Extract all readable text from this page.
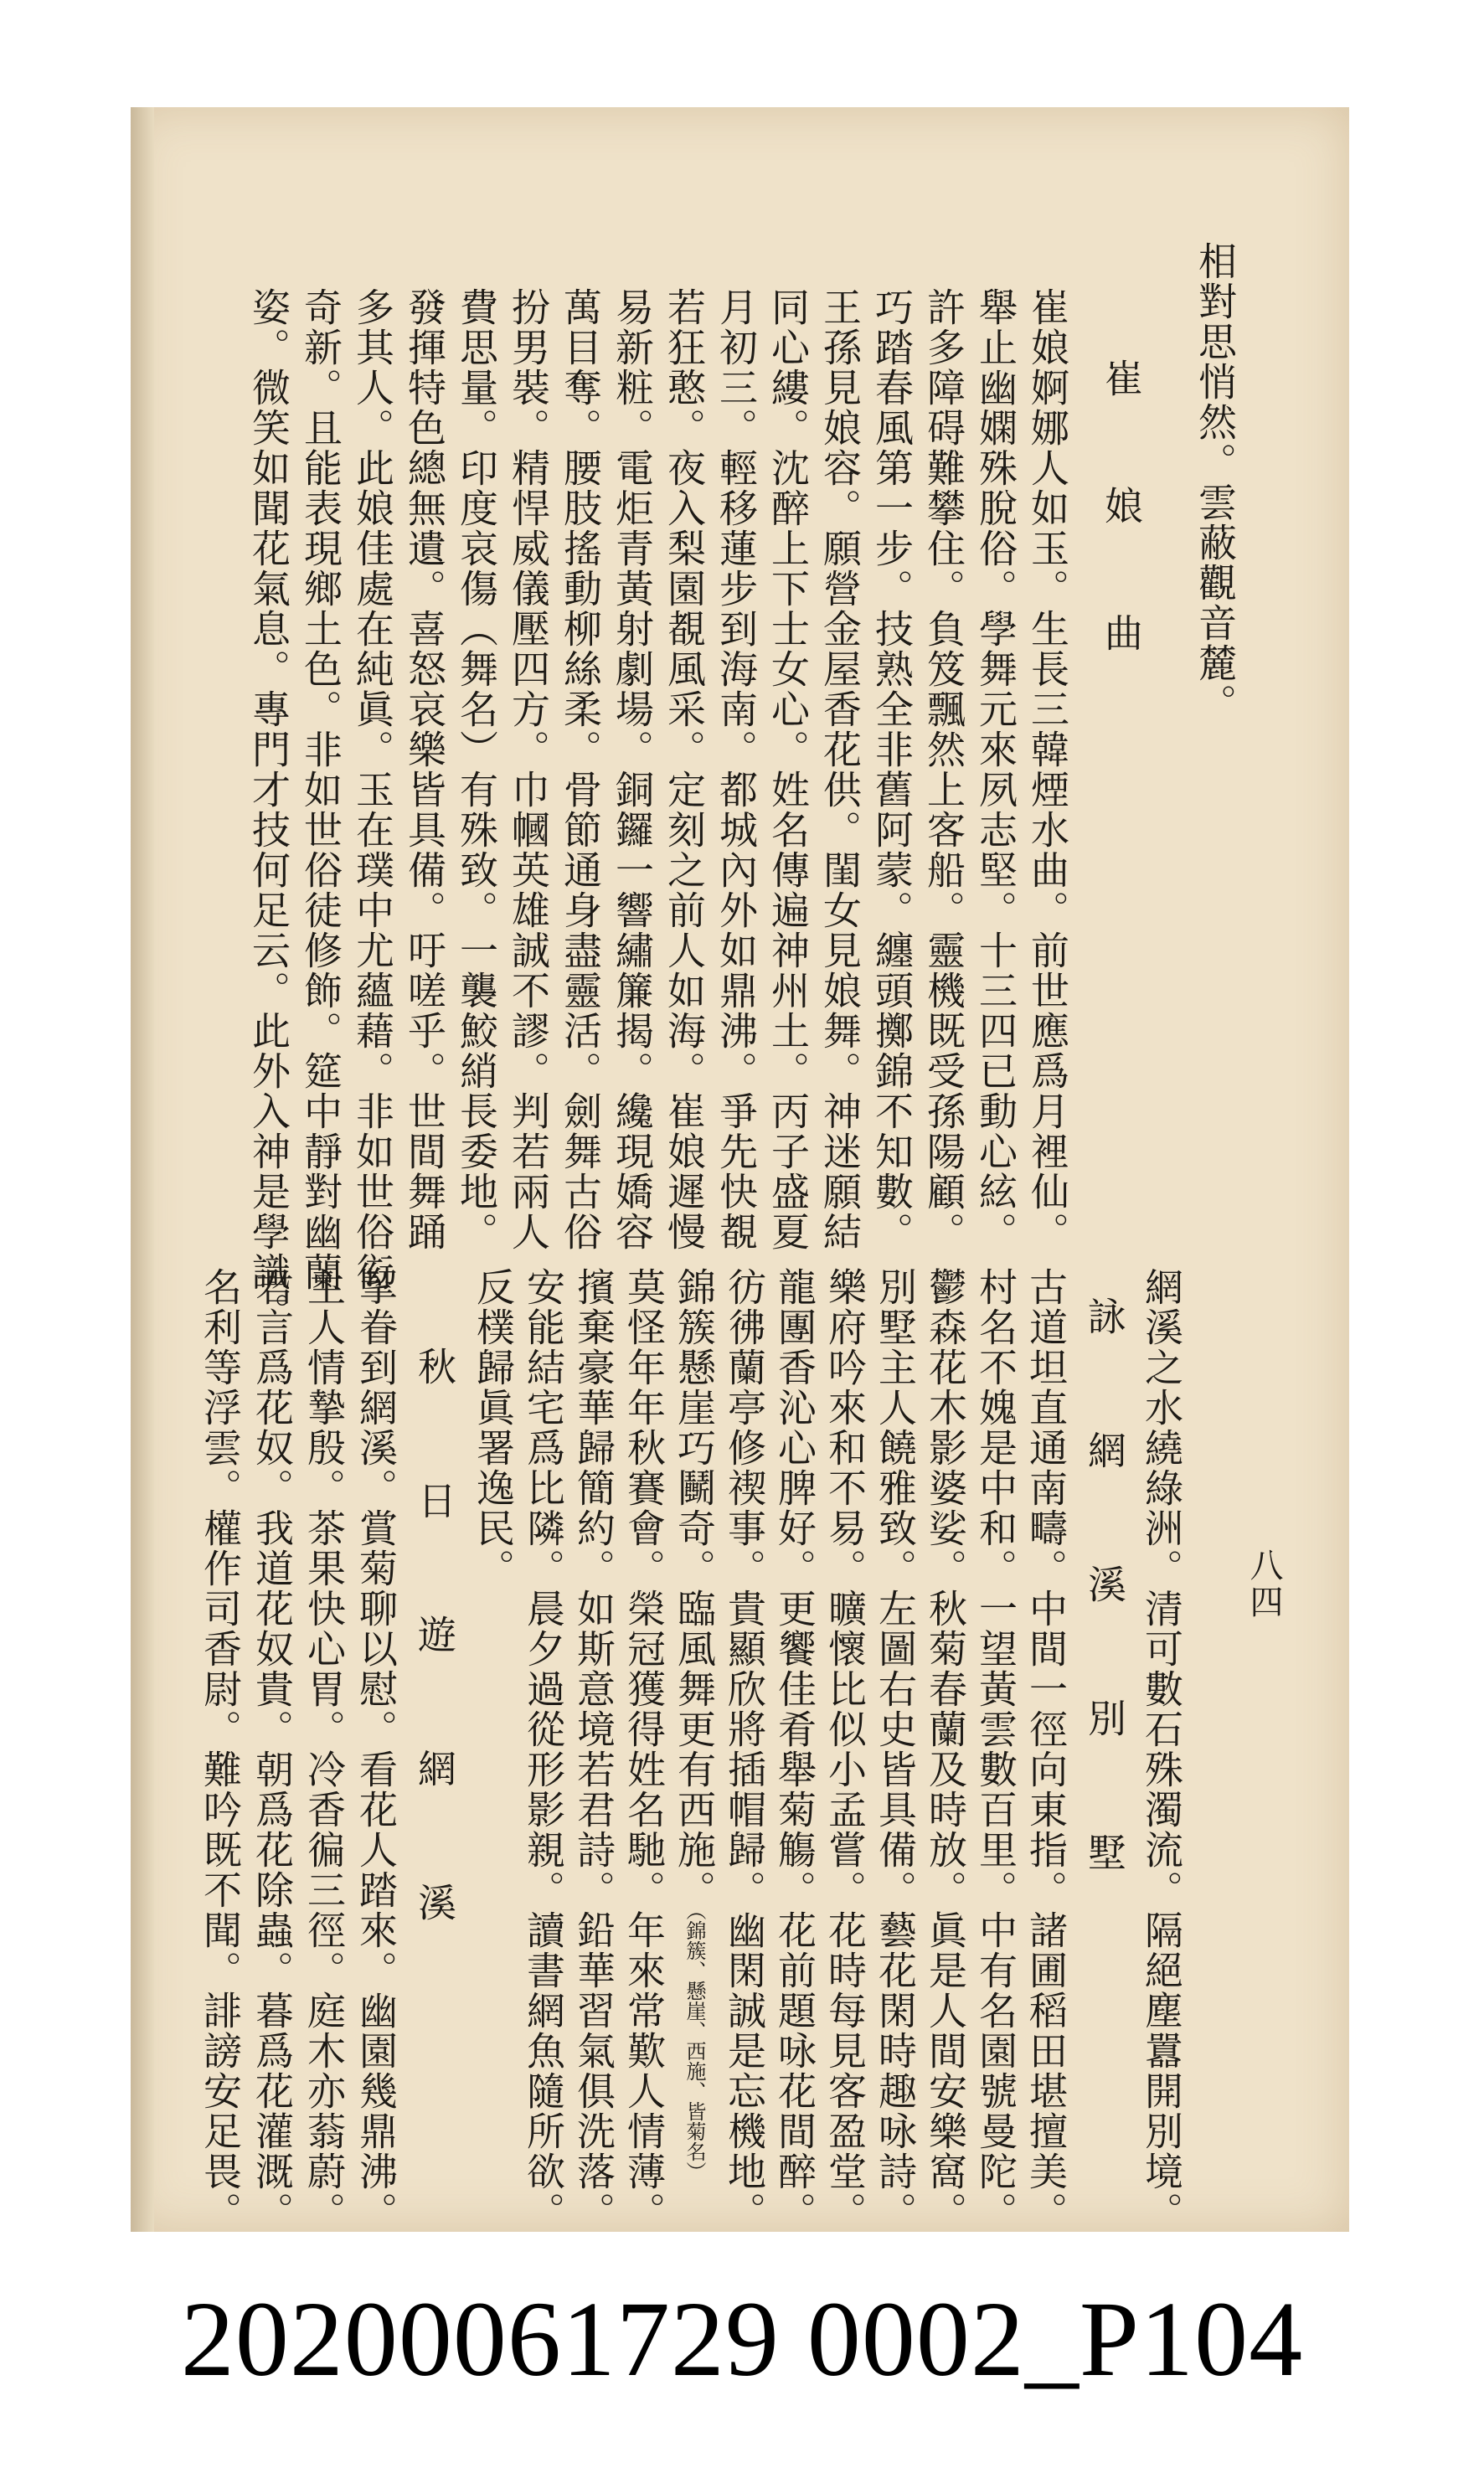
八四
相對思悄然。雲蔽觀音麓。
崔　娘　曲
崔娘婀娜人如玉。生長三韓煙水曲。前世應爲月裡仙。
舉止幽嫻殊脫俗。學舞元來夙志堅。十三四已動心絃。
許多障碍難攀住。負笈飄然上客船。靈機既受孫陽顧。
巧踏春風第一步。技熟全非舊阿蒙。纏頭擲錦不知數。
王孫見娘容。願營金屋香花供。閨女見娘舞。神迷願結
同心縷。沈醉上下士女心。姓名傳遍神州土。丙子盛夏
月初三。輕移蓮步到海南。都城內外如鼎沸。爭先快覩
若狂憨。夜入梨園覩風采。定刻之前人如海。崔娘遲慢
易新粧。電炬青黃射劇場。銅鑼一響繡簾揭。纔現嬌容
萬目奪。腰肢搖動柳絲柔。骨節通身盡靈活。劍舞古俗
扮男裝。精悍威儀壓四方。巾幗英雄誠不謬。判若兩人
費思量。印度哀傷（舞名）有殊致。一襲鮫綃長委地。
發揮特色總無遺。喜怒哀樂皆具備。吁嗟乎。世間舞踊
多其人。此娘佳處在純眞。玉在璞中尤蘊藉。非如世俗衒
奇新。且能表現鄉土色。非如世俗徒修飾。筵中靜對幽蘭
姿。微笑如聞花氣息。專門才技何足云。此外入神是學識。
網溪之水繞綠洲。清可數石殊濁流。隔絕塵囂開別境。
詠　網　溪　別　墅
古道坦直通南疇。中間一徑向東指。諸圃稻田堪擅美。
村名不媿是中和。一望黃雲數百里。中有名園號曼陀。
鬱森花木影婆娑。秋菊春蘭及時放。眞是人間安樂窩。
別墅主人饒雅致。左圖右史皆具備。藝花閑時趣咏詩。
樂府吟來和不易。曠懷比似小孟嘗。花時每見客盈堂。
龍團香沁心脾好。更饗佳肴舉菊觴。花前題咏花間醉。
彷彿蘭亭修禊事。貴顯欣將插帽歸。幽閑誠是忘機地。
錦簇懸崖巧鬭奇。臨風舞更有西施。（錦簇、懸崖、西施、皆菊名）
莫怪年年秋賽會。榮冠獲得姓名馳。年來常歎人情薄。
擯棄豪華歸簡約。如斯意境若君詩。鉛華習氣俱洗落。
安能結宅爲比隣。晨夕過從形影親。讀書網魚隨所欲。
反樸歸眞署逸民。
秋　日　遊　網　溪
挈眷到網溪。賞菊聊以慰。看花人踏來。幽園幾鼎沸。
主人情摯殷。茶果快心胃。冷香徧三徑。庭木亦蓊蔚。
君言爲花奴。我道花奴貴。朝爲花除蟲。暮爲花灌溉。
名利等浮雲。權作司香尉。難吟既不聞。誹謗安足畏。
20200061729 0002_P104
